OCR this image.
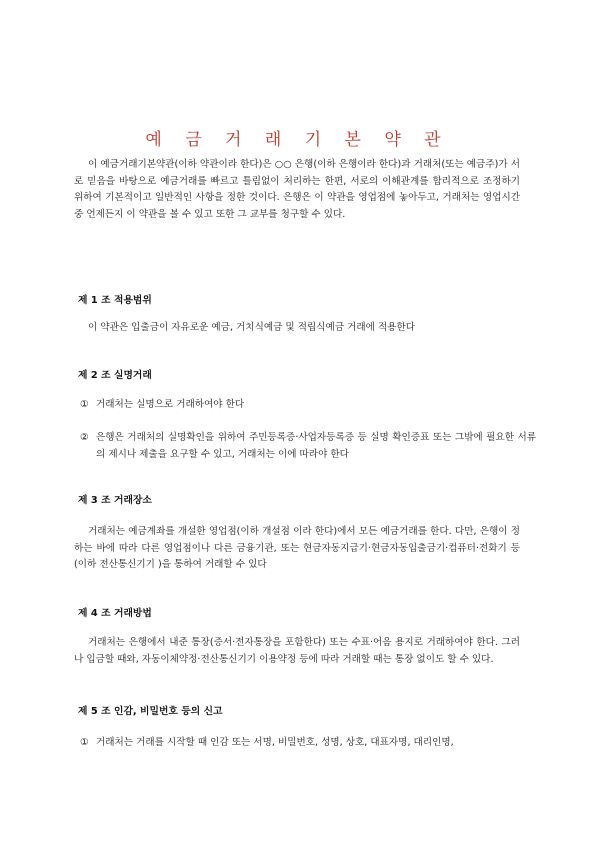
예 금 거 래 기 본 약 관

이 예금거래기본약관(이하 약관이라 한다)은 ○○ 은행(이하 은행이라 한다)과 거래처(또는 예금주)가 서로 믿음을 바탕으로 예금거래를 빠르고 틀림없이 처리하는 한편, 서로의 이해관계를 합리적으로 조정하기 위하여 기본적이고 일반적인 사항을 정한 것이다. 은행은 이 약관을 영업점에 놓아두고, 거래처는 영업시간 중 언제든지 이 약관을 볼 수 있고 또한 그 교부를 청구할 수 있다.

제 1 조 적용범위

이 약관은 입출금이 자유로운 예금, 거치식예금 및 적립식예금 거래에 적용한다

제 2 조 실명거래

① 거래처는 실명으로 거래하여야 한다

② 은행은 거래처의 실명확인을 위하여 주민등록증·사업자등록증 등 실명 확인증표 또는 그밖에 필요한 서류의 제시나 제출을 요구할 수 있고, 거래처는 이에 따라야 한다

제 3 조 거래장소

거래처는 예금계좌를 개설한 영업점(이하 개설점 이라 한다)에서 모든 예금거래를 한다. 다만, 은행이 정하는 바에 따라 다른 영업점이나 다른 금융기관, 또는 현금자동지급기·현금자동입출금기·컴퓨터·전화기 등(이하 전산통신기기 )을 통하여 거래할 수 있다

제 4 조 거래방법

거래처는 은행에서 내준 통장(증서·전자통장을 포함한다) 또는 수표·어음 용지로 거래하여야 한다. 그러나 입금할 때와, 자동이체약정·전산통신기기 이용약정 등에 따라 거래할 때는 통장 없이도 할 수 있다.

제 5 조 인감, 비밀번호 등의 신고

① 거래처는 거래를 시작할 때 인감 또는 서명, 비밀번호, 성명, 상호, 대표자명, 대리인명,
